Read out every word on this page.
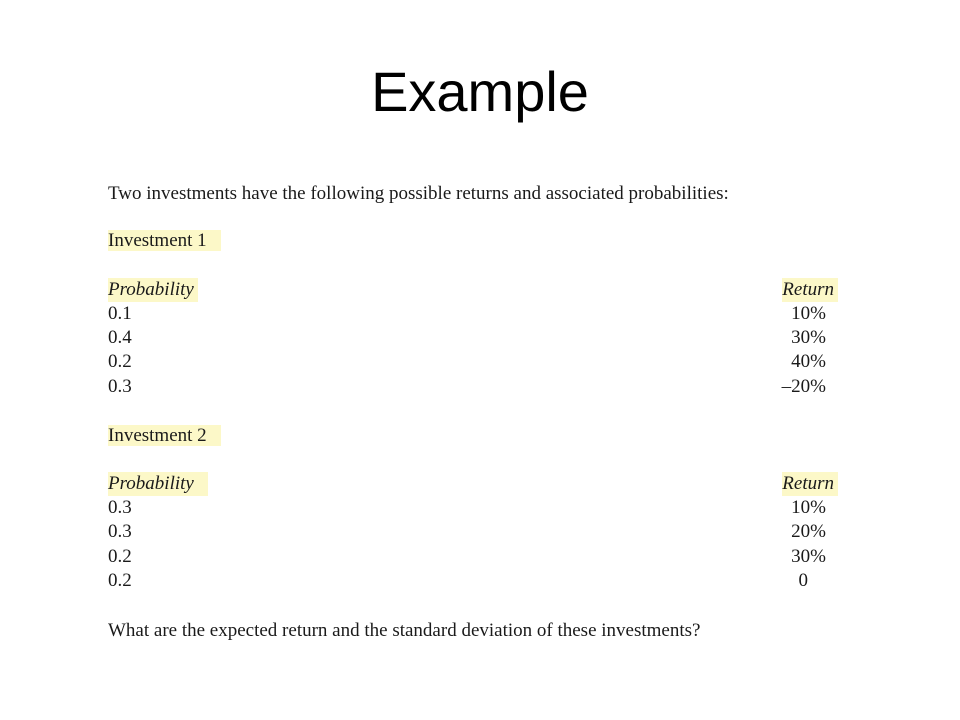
Example
Two investments have the following possible returns and associated probabilities:
Investment 1
Probability	Return
0.1	10%
0.4	30%
0.2	40%
0.3	–20%
Investment 2
Probability	Return
0.3	10%
0.3	20%
0.2	30%
0.2	0
What are the expected return and the standard deviation of these investments?
